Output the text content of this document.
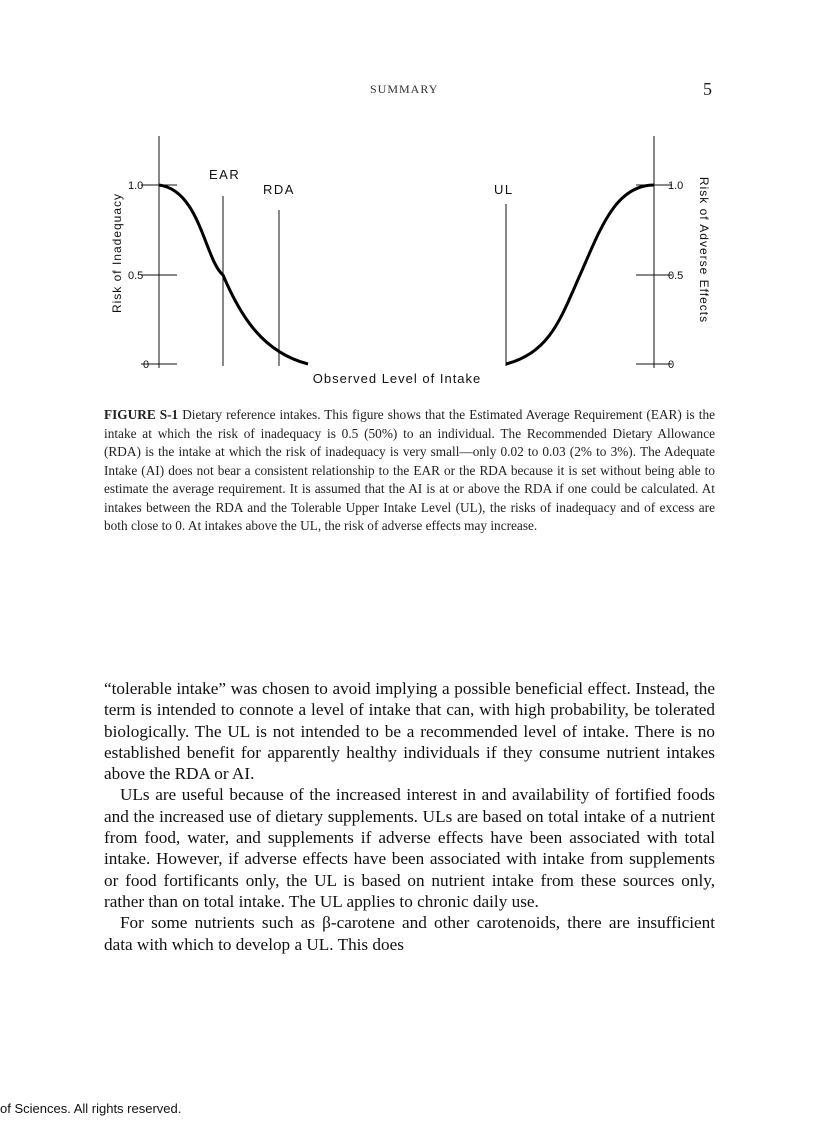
SUMMARY	5
1.0
0.5
0
Risk of Inadequacy
1.0
0.5
0
Risk of Adverse Effects
EAR
RDA	UL
Observed Level of Intake

FIGURE S-1 Dietary reference intakes. This figure shows that the Estimated Average Requirement (EAR) is the intake at which the risk of inadequacy is 0.5 (50%) to an individual. The Recommended Dietary Allowance (RDA) is the intake at which the risk of inadequacy is very small—only 0.02 to 0.03 (2% to 3%). The Adequate Intake (AI) does not bear a consistent relationship to the EAR or the RDA because it is set without being able to estimate the average requirement. It is assumed that the AI is at or above the RDA if one could be calculated. At intakes between the RDA and the Tolerable Upper Intake Level (UL), the risks of inadequacy and of excess are both close to 0. At intakes above the UL, the risk of adverse effects may increase.

“tolerable intake” was chosen to avoid implying a possible beneficial effect. Instead, the term is intended to connote a level of intake that can, with high probability, be tolerated biologically. The UL is not intended to be a recommended level of intake. There is no established benefit for apparently healthy individuals if they consume nutrient intakes above the RDA or AI.

ULs are useful because of the increased interest in and availability of fortified foods and the increased use of dietary supplements. ULs are based on total intake of a nutrient from food, water, and supplements if adverse effects have been associated with total intake. However, if adverse effects have been associated with intake from supplements or food fortificants only, the UL is based on nutrient intake from these sources only, rather than on total intake. The UL applies to chronic daily use.

For some nutrients such as β-carotene and other carotenoids, there are insufficient data with which to develop a UL. This does

of Sciences. All rights reserved.
